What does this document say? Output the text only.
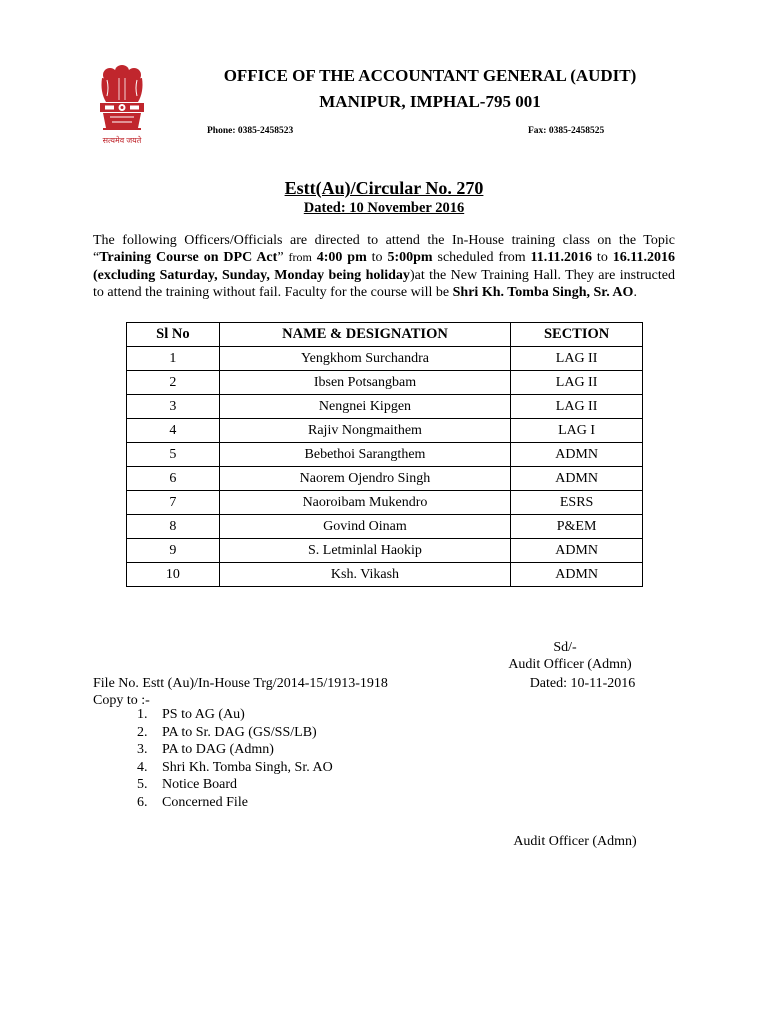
सत्यमेव जयते
OFFICE OF THE ACCOUNTANT GENERAL (AUDIT)
MANIPUR, IMPHAL-795 001
Phone: 0385-2458523	Fax: 0385-2458525
Estt(Au)/Circular No. 270
Dated: 10 November 2016
The following Officers/Officials are directed to attend the In-House training class on the Topic “Training Course on DPC Act” from 4:00 pm to 5:00pm scheduled from 11.11.2016 to 16.11.2016 (excluding Saturday, Sunday, Monday being holiday)at the New Training Hall. They are instructed to attend the training without fail. Faculty for the course will be Shri Kh. Tomba Singh, Sr. AO.
Sl No	NAME & DESIGNATION	SECTION
1	Yengkhom Surchandra	LAG II
2	Ibsen Potsangbam	LAG II
3	Nengnei Kipgen	LAG II
4	Rajiv Nongmaithem	LAG I
5	Bebethoi Sarangthem	ADMN
6	Naorem Ojendro Singh	ADMN
7	Naoroibam Mukendro	ESRS
8	Govind Oinam	P&EM
9	S. Letminlal Haokip	ADMN
10	Ksh. Vikash	ADMN
Sd/-
Audit Officer (Admn)
Dated: 10-11-2016
File No. Estt (Au)/In-House Trg/2014-15/1913-1918
Copy to :-
1. PS to AG (Au)
2. PA to Sr. DAG (GS/SS/LB)
3. PA to DAG (Admn)
4. Shri Kh. Tomba Singh, Sr. AO
5. Notice Board
6. Concerned File
Audit Officer (Admn)
